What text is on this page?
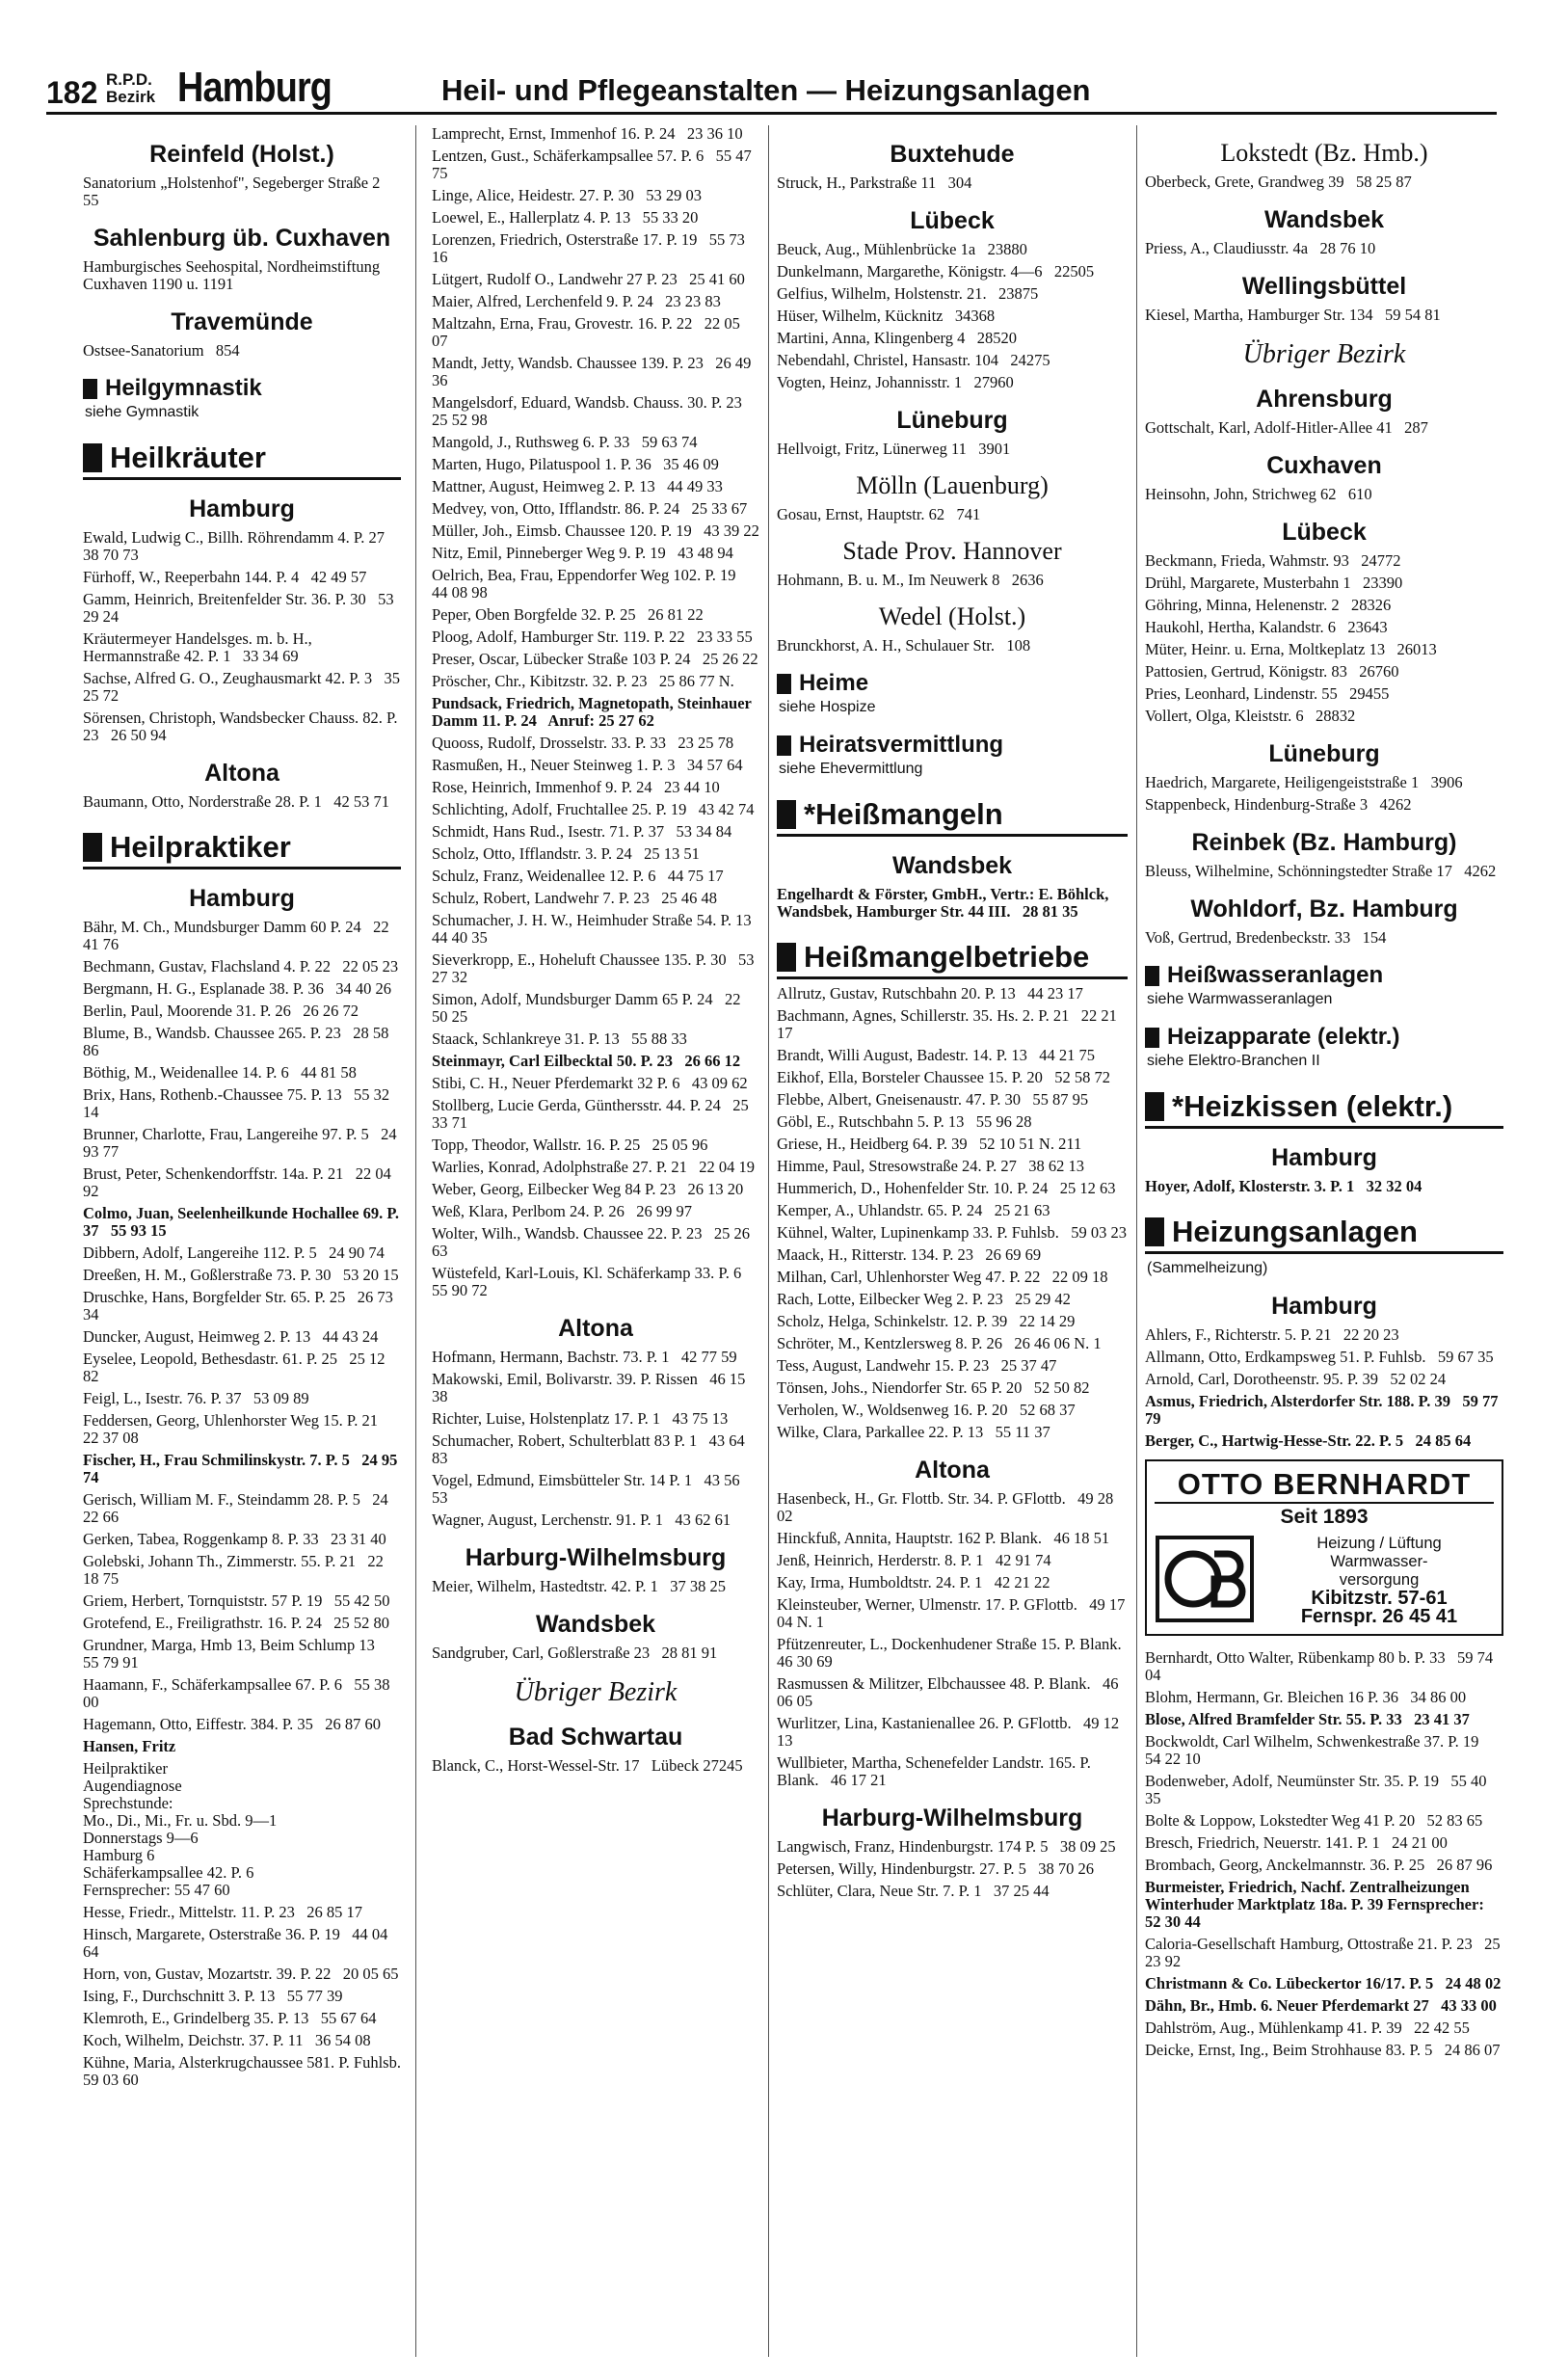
182 R.P.D.
Bezirk Hamburg	Heil- und Pflegeanstalten — Heizungsanlagen
Reinfeld (Holst.)
Sanatorium „Holstenhof", Segeberger Straße 2   55
Sahlenburg üb. Cuxhaven
Hamburgisches Seehospital, Nordheimstiftung   Cuxhaven 1190 u. 1191
Travemünde
Ostsee-Sanatorium   854
Heilgymnastik
siehe Gymnastik
Heilkräuter
Hamburg
Ewald, Ludwig C., Billh. Röhrendamm 4. P. 27   38 70 73
Fürhoff, W., Reeperbahn 144. P. 4   42 49 57
Gamm, Heinrich, Breitenfelder Str. 36. P. 30   53 29 24
Kräutermeyer Handelsges. m. b. H., Hermannstraße 42. P. 1   33 34 69
Sachse, Alfred G. O., Zeughausmarkt 42. P. 3   35 25 72
Sörensen, Christoph, Wandsbecker Chauss. 82. P. 23   26 50 94
Altona
Baumann, Otto, Norderstraße 28. P. 1   42 53 71
Heilpraktiker
Hamburg
Bähr, M. Ch., Mundsburger Damm 60 P. 24   22 41 76
Bechmann, Gustav, Flachsland 4. P. 22   22 05 23
Bergmann, H. G., Esplanade 38. P. 36   34 40 26
Berlin, Paul, Moorende 31. P. 26   26 26 72
Blume, B., Wandsb. Chaussee 265. P. 23   28 58 86
Böthig, M., Weidenallee 14. P. 6   44 81 58
Brix, Hans, Rothenb.-Chaussee 75. P. 13   55 32 14
Brunner, Charlotte, Frau, Langereihe 97. P. 5   24 93 77
Brust, Peter, Schenkendorffstr. 14a. P. 21   22 04 92
Colmo, Juan, Seelenheilkunde Hochallee 69. P. 37   55 93 15
Dibbern, Adolf, Langereihe 112. P. 5   24 90 74
Dreeßen, H. M., Goßlerstraße 73. P. 30   53 20 15
Druschke, Hans, Borgfelder Str. 65. P. 25   26 73 34
Duncker, August, Heimweg 2. P. 13   44 43 24
Eyselee, Leopold, Bethesdastr. 61. P. 25   25 12 82
Feigl, L., Isestr. 76. P. 37   53 09 89
Feddersen, Georg, Uhlenhorster Weg 15. P. 21   22 37 08
Fischer, H., Frau Schmilinskystr. 7. P. 5   24 95 74
Gerisch, William M. F., Steindamm 28. P. 5   24 22 66
Gerken, Tabea, Roggenkamp 8. P. 33   23 31 40
Golebski, Johann Th., Zimmerstr. 55. P. 21   22 18 75
Griem, Herbert, Tornquiststr. 57 P. 19   55 42 50
Grotefend, E., Freiligrathstr. 16. P. 24   25 52 80
Grundner, Marga, Hmb 13, Beim Schlump 13   55 79 91
Haamann, F., Schäferkampsallee 67. P. 6   55 38 00
Hagemann, Otto, Eiffestr. 384. P. 35   26 87 60
Hansen, Fritz
Heilpraktiker
Augendiagnose
Sprechstunde:
Mo., Di., Mi., Fr. u. Sbd. 9—1
Donnerstags 9—6
Hamburg 6
Schäferkampsallee 42. P. 6
Fernsprecher: 55 47 60
Hesse, Friedr., Mittelstr. 11. P. 23   26 85 17
Hinsch, Margarete, Osterstraße 36. P. 19   44 04 64
Horn, von, Gustav, Mozartstr. 39. P. 22   20 05 65
Ising, F., Durchschnitt 3. P. 13   55 77 39
Klemroth, E., Grindelberg 35. P. 13   55 67 64
Koch, Wilhelm, Deichstr. 37. P. 11   36 54 08
Kühne, Maria, Alsterkrugchaussee 581. P. Fuhlsb.   59 03 60
Lamprecht, Ernst, Immenhof 16. P. 24   23 36 10
Lentzen, Gust., Schäferkampsallee 57. P. 6   55 47 75
Linge, Alice, Heidestr. 27. P. 30   53 29 03
Loewel, E., Hallerplatz 4. P. 13   55 33 20
Lorenzen, Friedrich, Osterstraße 17. P. 19   55 73 16
Lütgert, Rudolf O., Landwehr 27 P. 23   25 41 60
Maier, Alfred, Lerchenfeld 9. P. 24   23 23 83
Maltzahn, Erna, Frau, Grovestr. 16. P. 22   22 05 07
Mandt, Jetty, Wandsb. Chaussee 139. P. 23   26 49 36
Mangelsdorf, Eduard, Wandsb. Chauss. 30. P. 23   25 52 98
Mangold, J., Ruthsweg 6. P. 33   59 63 74
Marten, Hugo, Pilatuspool 1. P. 36   35 46 09
Mattner, August, Heimweg 2. P. 13   44 49 33
Medvey, von, Otto, Ifflandstr. 86. P. 24   25 33 67
Müller, Joh., Eimsb. Chaussee 120. P. 19   43 39 22
Nitz, Emil, Pinneberger Weg 9. P. 19   43 48 94
Oelrich, Bea, Frau, Eppendorfer Weg 102. P. 19   44 08 98
Peper, Oben Borgfelde 32. P. 25   26 81 22
Ploog, Adolf, Hamburger Str. 119. P. 22   23 33 55
Preser, Oscar, Lübecker Straße 103 P. 24   25 26 22
Pröscher, Chr., Kibitzstr. 32. P. 23   25 86 77 N.
Pundsack, Friedrich, Magnetopath, Steinhauer Damm 11. P. 24   Anruf: 25 27 62
Quooss, Rudolf, Drosselstr. 33. P. 33   23 25 78
Rasmußen, H., Neuer Steinweg 1. P. 3   34 57 64
Rose, Heinrich, Immenhof 9. P. 24   23 44 10
Schlichting, Adolf, Fruchtallee 25. P. 19   43 42 74
Schmidt, Hans Rud., Isestr. 71. P. 37   53 34 84
Scholz, Otto, Ifflandstr. 3. P. 24   25 13 51
Schulz, Franz, Weidenallee 12. P. 6   44 75 17
Schulz, Robert, Landwehr 7. P. 23   25 46 48
Schumacher, J. H. W., Heimhuder Straße 54. P. 13   44 40 35
Sieverkropp, E., Hoheluft Chaussee 135. P. 30   53 27 32
Simon, Adolf, Mundsburger Damm 65 P. 24   22 50 25
Staack, Schlankreye 31. P. 13   55 88 33
Steinmayr, Carl Eilbecktal 50. P. 23   26 66 12
Stibi, C. H., Neuer Pferdemarkt 32 P. 6   43 09 62
Stollberg, Lucie Gerda, Günthersstr. 44. P. 24   25 33 71
Topp, Theodor, Wallstr. 16. P. 25   25 05 96
Warlies, Konrad, Adolphstraße 27. P. 21   22 04 19
Weber, Georg, Eilbecker Weg 84 P. 23   26 13 20
Weß, Klara, Perlbom 24. P. 26   26 99 97
Wolter, Wilh., Wandsb. Chaussee 22. P. 23   25 26 63
Wüstefeld, Karl-Louis, Kl. Schäferkamp 33. P. 6   55 90 72
Altona
Hofmann, Hermann, Bachstr. 73. P. 1   42 77 59
Makowski, Emil, Bolivarstr. 39. P. Rissen   46 15 38
Richter, Luise, Holstenplatz 17. P. 1   43 75 13
Schumacher, Robert, Schulterblatt 83 P. 1   43 64 83
Vogel, Edmund, Eimsbütteler Str. 14 P. 1   43 56 53
Wagner, August, Lerchenstr. 91. P. 1   43 62 61
Harburg-Wilhelmsburg
Meier, Wilhelm, Hastedtstr. 42. P. 1   37 38 25
Wandsbek
Sandgruber, Carl, Goßlerstraße 23   28 81 91
Übriger Bezirk
Bad Schwartau
Blanck, C., Horst-Wessel-Str. 17   Lübeck 27245
Buxtehude
Struck, H., Parkstraße 11   304
Lübeck
Beuck, Aug., Mühlenbrücke 1a   23880
Dunkelmann, Margarethe, Königstr. 4—6   22505
Gelfius, Wilhelm, Holstenstr. 21.   23875
Hüser, Wilhelm, Kücknitz   34368
Martini, Anna, Klingenberg 4   28520
Nebendahl, Christel, Hansastr. 104   24275
Vogten, Heinz, Johannisstr. 1   27960
Lüneburg
Hellvoigt, Fritz, Lünerweg 11   3901
Mölln (Lauenburg)
Gosau, Ernst, Hauptstr. 62   741
Stade Prov. Hannover
Hohmann, B. u. M., Im Neuwerk 8   2636
Wedel (Holst.)
Brunckhorst, A. H., Schulauer Str.   108
Heime
siehe Hospize
Heiratsvermittlung
siehe Ehevermittlung
*Heißmangeln
Wandsbek
Engelhardt & Förster, GmbH., Vertr.: E. Böhlck, Wandsbek, Hamburger Str. 44 III.   28 81 35
Heißmangelbetriebe
Allrutz, Gustav, Rutschbahn 20. P. 13   44 23 17
Bachmann, Agnes, Schillerstr. 35. Hs. 2. P. 21   22 21 17
Brandt, Willi August, Badestr. 14. P. 13   44 21 75
Eikhof, Ella, Borsteler Chaussee 15. P. 20   52 58 72
Flebbe, Albert, Gneisenaustr. 47. P. 30   55 87 95
Göbl, E., Rutschbahn 5. P. 13   55 96 28
Griese, H., Heidberg 64. P. 39   52 10 51 N. 211
Himme, Paul, Stresowstraße 24. P. 27   38 62 13
Hummerich, D., Hohenfelder Str. 10. P. 24   25 12 63
Kemper, A., Uhlandstr. 65. P. 24   25 21 63
Kühnel, Walter, Lupinenkamp 33. P. Fuhlsb.   59 03 23
Maack, H., Ritterstr. 134. P. 23   26 69 69
Milhan, Carl, Uhlenhorster Weg 47. P. 22   22 09 18
Rach, Lotte, Eilbecker Weg 2. P. 23   25 29 42
Scholz, Helga, Schinkelstr. 12. P. 39   22 14 29
Schröter, M., Kentzlersweg 8. P. 26   26 46 06 N. 1
Tess, August, Landwehr 15. P. 23   25 37 47
Tönsen, Johs., Niendorfer Str. 65 P. 20   52 50 82
Verholen, W., Woldsenweg 16. P. 20   52 68 37
Wilke, Clara, Parkallee 22. P. 13   55 11 37
Altona
Hasenbeck, H., Gr. Flottb. Str. 34. P. GFlottb.   49 28 02
Hinckfuß, Annita, Hauptstr. 162 P. Blank.   46 18 51
Jenß, Heinrich, Herderstr. 8. P. 1   42 91 74
Kay, Irma, Humboldtstr. 24. P. 1   42 21 22
Kleinsteuber, Werner, Ulmenstr. 17. P. GFlottb.   49 17 04 N. 1
Pfützenreuter, L., Dockenhudener Straße 15. P. Blank.   46 30 69
Rasmussen & Militzer, Elbchaussee 48. P. Blank.   46 06 05
Wurlitzer, Lina, Kastanienallee 26. P. GFlottb.   49 12 13
Wullbieter, Martha, Schenefelder Landstr. 165. P. Blank.   46 17 21
Harburg-Wilhelmsburg
Langwisch, Franz, Hindenburgstr. 174 P. 5   38 09 25
Petersen, Willy, Hindenburgstr. 27. P. 5   38 70 26
Schlüter, Clara, Neue Str. 7. P. 1   37 25 44
Lokstedt (Bz. Hmb.)
Oberbeck, Grete, Grandweg 39   58 25 87
Wandsbek
Priess, A., Claudiusstr. 4a   28 76 10
Wellingsbüttel
Kiesel, Martha, Hamburger Str. 134   59 54 81
Übriger Bezirk
Ahrensburg
Gottschalt, Karl, Adolf-Hitler-Allee 41   287
Cuxhaven
Heinsohn, John, Strichweg 62   610
Lübeck
Beckmann, Frieda, Wahmstr. 93   24772
Drühl, Margarete, Musterbahn 1   23390
Göhring, Minna, Helenenstr. 2   28326
Haukohl, Hertha, Kalandstr. 6   23643
Müter, Heinr. u. Erna, Moltkeplatz 13   26013
Pattosien, Gertrud, Königstr. 83   26760
Pries, Leonhard, Lindenstr. 55   29455
Vollert, Olga, Kleiststr. 6   28832
Lüneburg
Haedrich, Margarete, Heiligengeiststraße 1   3906
Stappenbeck, Hindenburg-Straße 3   4262
Reinbek (Bz. Hamburg)
Bleuss, Wilhelmine, Schönningstedter Straße 17   4262
Wohldorf, Bz. Hamburg
Voß, Gertrud, Bredenbeckstr. 33   154
Heißwasseranlagen
siehe Warmwasseranlagen
Heizapparate (elektr.)
siehe Elektro-Branchen II
*Heizkissen (elektr.)
Hamburg
Hoyer, Adolf, Klosterstr. 3. P. 1   32 32 04
Heizungsanlagen
(Sammelheizung)
Hamburg
Ahlers, F., Richterstr. 5. P. 21   22 20 23
Allmann, Otto, Erdkampsweg 51. P. Fuhlsb.   59 67 35
Arnold, Carl, Dorotheenstr. 95. P. 39   52 02 24
Asmus, Friedrich, Alsterdorfer Str. 188. P. 39   59 77 79
Berger, C., Hartwig-Hesse-Str. 22. P. 5   24 85 64
OTTO BERNHARDT
Seit 1893
Heizung / Lüftung
Warmwasser-
versorgung
Kibitzstr. 57-61
Fernspr. 26 45 41
Bernhardt, Otto Walter, Rübenkamp 80 b. P. 33   59 74 04
Blohm, Hermann, Gr. Bleichen 16 P. 36   34 86 00
Blose, Alfred Bramfelder Str. 55. P. 33   23 41 37
Bockwoldt, Carl Wilhelm, Schwenkestraße 37. P. 19   54 22 10
Bodenweber, Adolf, Neumünster Str. 35. P. 19   55 40 35
Bolte & Loppow, Lokstedter Weg 41 P. 20   52 83 65
Bresch, Friedrich, Neuerstr. 141. P. 1   24 21 00
Brombach, Georg, Anckelmannstr. 36. P. 25   26 87 96
Burmeister, Friedrich, Nachf. Zentralheizungen Winterhuder Marktplatz 18a. P. 39 Fernsprecher: 52 30 44
Caloria-Gesellschaft Hamburg, Ottostraße 21. P. 23   25 23 92
Christmann & Co. Lübeckertor 16/17. P. 5   24 48 02
Dähn, Br., Hmb. 6. Neuer Pferdemarkt 27   43 33 00
Dahlström, Aug., Mühlenkamp 41. P. 39   22 42 55
Deicke, Ernst, Ing., Beim Strohhause 83. P. 5   24 86 07
